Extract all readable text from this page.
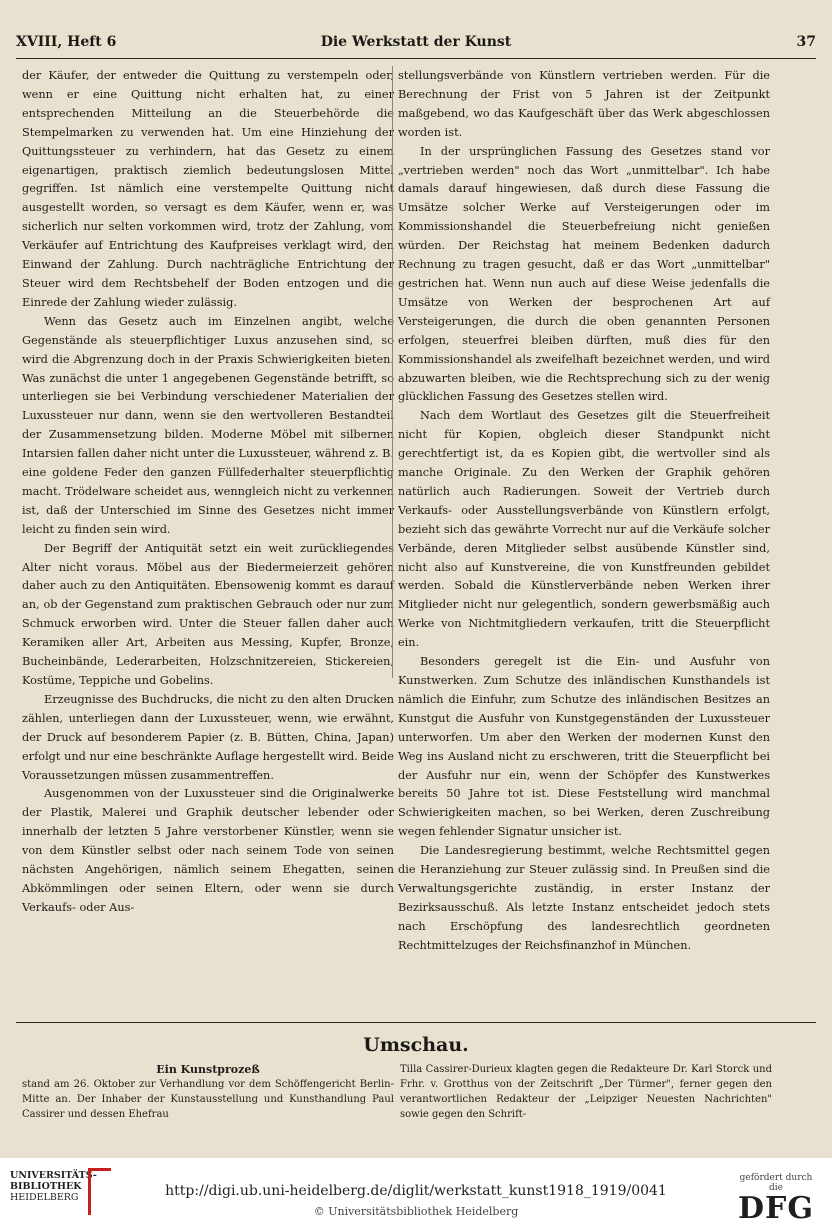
XVIII, Heft 6	Die Werkstatt der Kunst	37

der Käufer, der entweder die Quittung zu verstempeln oder, wenn er eine Quittung nicht erhalten hat, zu einer entsprechenden Mitteilung an die Steuerbehörde die Stempelmarken zu verwenden hat. Um eine Hinziehung der Quittungssteuer zu verhindern, hat das Gesetz zu einem eigenartigen, praktisch ziemlich bedeutungslosen Mittel gegriffen. Ist nämlich eine verstempelte Quittung nicht ausgestellt worden, so versagt es dem Käufer, wenn er, was sicherlich nur selten vorkommen wird, trotz der Zahlung, vom Verkäufer auf Entrichtung des Kaufpreises verklagt wird, den Einwand der Zahlung. Durch nachträgliche Entrichtung der Steuer wird dem Rechtsbehelf der Boden entzogen und die Einrede der Zahlung wieder zulässig.

Wenn das Gesetz auch im Einzelnen angibt, welche Gegenstände als steuerpflichtiger Luxus anzusehen sind, so wird die Abgrenzung doch in der Praxis Schwierigkeiten bieten. Was zunächst die unter 1 angegebenen Gegenstände betrifft, so unterliegen sie bei Verbindung verschiedener Materialien der Luxussteuer nur dann, wenn sie den wertvolleren Bestandteil der Zusammensetzung bilden. Moderne Möbel mit silbernen Intarsien fallen daher nicht unter die Luxussteuer, während z. B. eine goldene Feder den ganzen Füllfederhalter steuerpflichtig macht. Trödelware scheidet aus, wenngleich nicht zu verkennen ist, daß der Unterschied im Sinne des Gesetzes nicht immer leicht zu finden sein wird.

Der Begriff der Antiquität setzt ein weit zurückliegendes Alter nicht voraus. Möbel aus der Biedermeierzeit gehören daher auch zu den Antiquitäten. Ebensowenig kommt es darauf an, ob der Gegenstand zum praktischen Gebrauch oder nur zum Schmuck erworben wird. Unter die Steuer fallen daher auch Keramiken aller Art, Arbeiten aus Messing, Kupfer, Bronze, Bucheinbände, Lederarbeiten, Holzschnitzereien, Stickereien, Kostüme, Teppiche und Gobelins.

Erzeugnisse des Buchdrucks, die nicht zu den alten Drucken zählen, unterliegen dann der Luxussteuer, wenn, wie erwähnt, der Druck auf besonderem Papier (z. B. Bütten, China, Japan) erfolgt und nur eine beschränkte Auflage hergestellt wird. Beide Voraussetzungen müssen zusammentreffen.

Ausgenommen von der Luxussteuer sind die Originalwerke der Plastik, Malerei und Graphik deutscher lebender oder innerhalb der letzten 5 Jahre verstorbener Künstler, wenn sie von dem Künstler selbst oder nach seinem Tode von seinen nächsten Angehörigen, nämlich seinem Ehegatten, seinen Abkömmlingen oder seinen Eltern, oder wenn sie durch Verkaufs- oder Aus-

stellungsverbände von Künstlern vertrieben werden. Für die Berechnung der Frist von 5 Jahren ist der Zeitpunkt maßgebend, wo das Kaufgeschäft über das Werk abgeschlossen worden ist.

In der ursprünglichen Fassung des Gesetzes stand vor „vertrieben werden" noch das Wort „unmittelbar". Ich habe damals darauf hingewiesen, daß durch diese Fassung die Umsätze solcher Werke auf Versteigerungen oder im Kommissionshandel die Steuerbefreiung nicht genießen würden. Der Reichstag hat meinem Bedenken dadurch Rechnung zu tragen gesucht, daß er das Wort „unmittelbar" gestrichen hat. Wenn nun auch auf diese Weise jedenfalls die Umsätze von Werken der besprochenen Art auf Versteigerungen, die durch die oben genannten Personen erfolgen, steuerfrei bleiben dürften, muß dies für den Kommissionshandel als zweifelhaft bezeichnet werden, und wird abzuwarten bleiben, wie die Rechtsprechung sich zu der wenig glücklichen Fassung des Gesetzes stellen wird.

Nach dem Wortlaut des Gesetzes gilt die Steuerfreiheit nicht für Kopien, obgleich dieser Standpunkt nicht gerechtfertigt ist, da es Kopien gibt, die wertvoller sind als manche Originale. Zu den Werken der Graphik gehören natürlich auch Radierungen. Soweit der Vertrieb durch Verkaufs- oder Ausstellungsverbände von Künstlern erfolgt, bezieht sich das gewährte Vorrecht nur auf die Verkäufe solcher Verbände, deren Mitglieder selbst ausübende Künstler sind, nicht also auf Kunstvereine, die von Kunstfreunden gebildet werden. Sobald die Künstlerverbände neben Werken ihrer Mitglieder nicht nur gelegentlich, sondern gewerbsmäßig auch Werke von Nichtmitgliedern verkaufen, tritt die Steuerpflicht ein.

Besonders geregelt ist die Ein- und Ausfuhr von Kunstwerken. Zum Schutze des inländischen Kunsthandels ist nämlich die Einfuhr, zum Schutze des inländischen Besitzes an Kunstgut die Ausfuhr von Kunstgegenständen der Luxussteuer unterworfen. Um aber den Werken der modernen Kunst den Weg ins Ausland nicht zu erschweren, tritt die Steuerpflicht bei der Ausfuhr nur ein, wenn der Schöpfer des Kunstwerkes bereits 50 Jahre tot ist. Diese Feststellung wird manchmal Schwierigkeiten machen, so bei Werken, deren Zuschreibung wegen fehlender Signatur unsicher ist.

Die Landesregierung bestimmt, welche Rechtsmittel gegen die Heranziehung zur Steuer zulässig sind. In Preußen sind die Verwaltungsgerichte zuständig, in erster Instanz der Bezirksausschuß. Als letzte Instanz entscheidet jedoch stets nach Erschöpfung des landesrechtlich geordneten Rechtmittelzuges der Reichsfinanzhof in München.

Umschau.
Ein Kunstprozeß
stand am 26. Oktober zur Verhandlung vor dem Schöffengericht Berlin-Mitte an. Der Inhaber der Kunstausstellung und Kunsthandlung Paul Cassirer und dessen Ehefrau
Tilla Cassirer-Durieux klagten gegen die Redakteure Dr. Karl Storck und Frhr. v. Grotthus von der Zeitschrift „Der Türmer", ferner gegen den verantwortlichen Redakteur der „Leipziger Neuesten Nachrichten" sowie gegen den Schrift-
UNIVERSITÄTS-
BIBLIOTHEK
HEIDELBERG	http://digi.ub.uni-heidelberg.de/diglit/werkstatt_kunst1918_1919/0041
© Universitätsbibliothek Heidelberg
gefördert durch die
DFG
